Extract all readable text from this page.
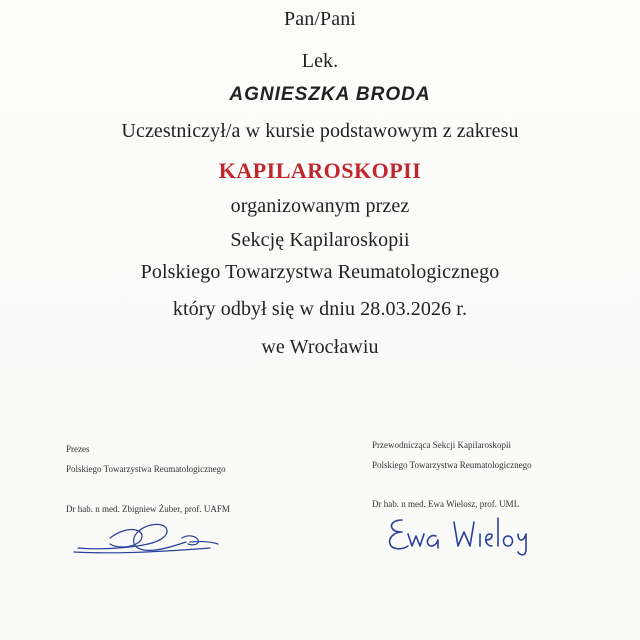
Pan/Pani
Lek.
AGNIESZKA BRODA
Uczestniczył/a w kursie podstawowym z zakresu
KAPILAROSKOPII
organizowanym przez
Sekcję Kapilaroskopii
Polskiego Towarzystwa Reumatologicznego
który odbył się w dniu 28.03.2026 r.
we Wrocławiu
Prezes
Polskiego Towarzystwa Reumatologicznego
Dr hab. n med. Zbigniew Żuber, prof. UAFM
Przewodnicząca Sekcji Kapilaroskopii
Polskiego Towarzystwa Reumatologicznego
Dr hab. n med. Ewa Wielosz, prof. UML
